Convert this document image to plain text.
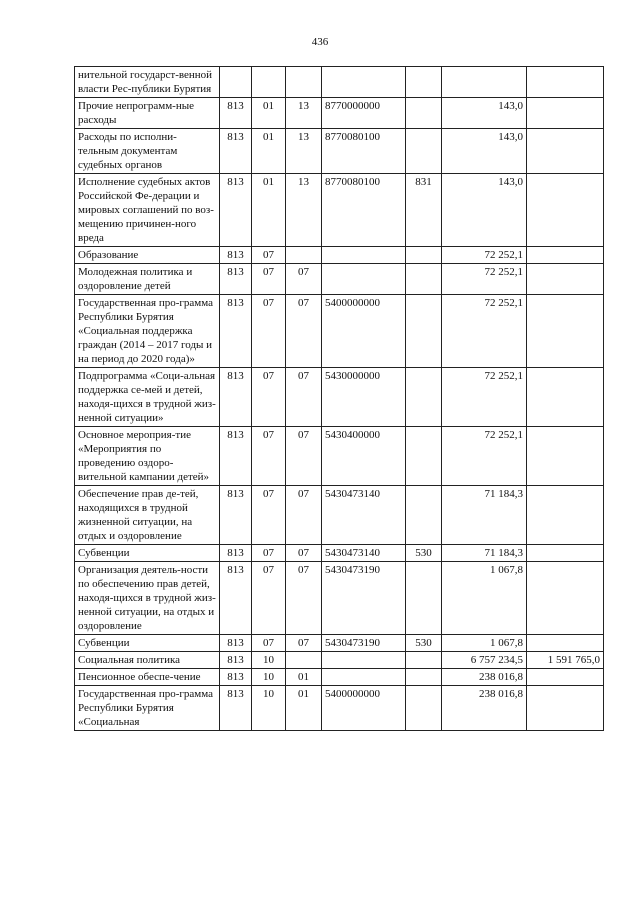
436
нительной государст-венной власти Рес-публики Бурятия							
Прочие непрограмм-ные расходы	813	01	13	8770000000		143,0	
Расходы по исполни-тельным документам судебных органов	813	01	13	8770080100		143,0	
Исполнение судебных актов Российской Фе-дерации и мировых соглашений по воз-мещению причинен-ного вреда	813	01	13	8770080100	831	143,0	
Образование	813	07				72 252,1	
Молодежная политика и оздоровление детей	813	07	07			72 252,1	
Государственная про-грамма Республики Бурятия «Социальная поддержка граждан (2014 – 2017 годы и на период до 2020 года)»	813	07	07	5400000000		72 252,1	
Подпрограмма «Соци-альная поддержка се-мей и детей, находя-щихся в трудной жиз-ненной ситуации»	813	07	07	5430000000		72 252,1	
Основное мероприя-тие «Мероприятия по проведению оздоро-вительной кампании детей»	813	07	07	5430400000		72 252,1	
Обеспечение прав де-тей, находящихся в трудной жизненной ситуации, на отдых и оздоровление	813	07	07	5430473140		71 184,3	
Субвенции	813	07	07	5430473140	530	71 184,3	
Организация деятель-ности по обеспечению прав детей, находя-щихся в трудной жиз-ненной ситуации, на отдых и оздоровление	813	07	07	5430473190		1 067,8	
Субвенции	813	07	07	5430473190	530	1 067,8	
Социальная политика	813	10				6 757 234,5	1 591 765,0
Пенсионное обеспе-чение	813	10	01			238 016,8	
Государственная про-грамма Республики Бурятия «Социальная	813	10	01	5400000000		238 016,8	
